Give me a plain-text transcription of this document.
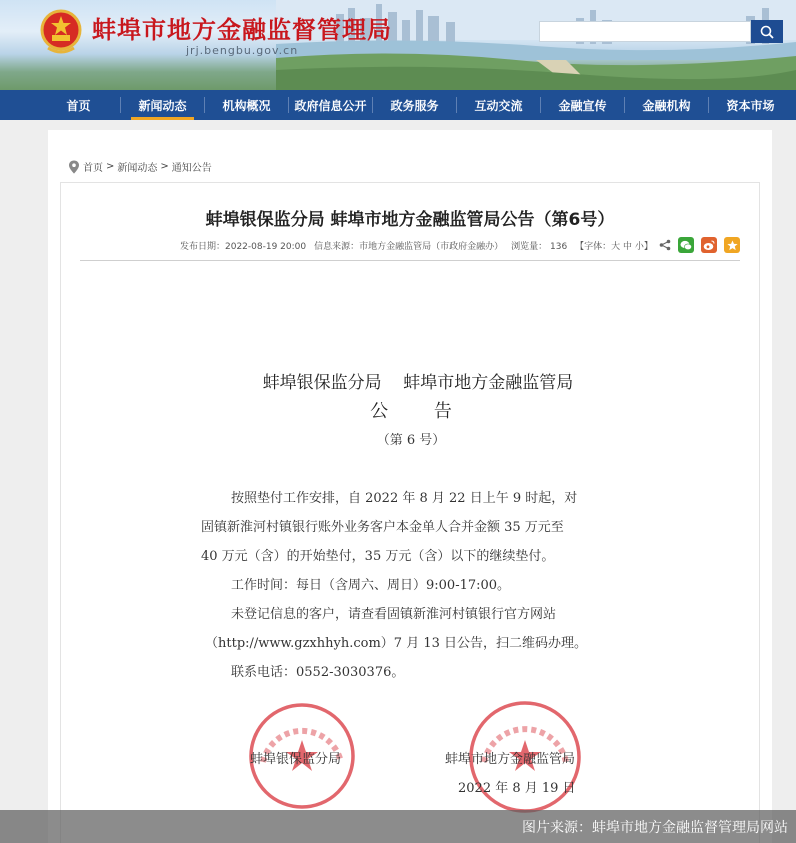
蚌埠市地方金融监督管理局
jrj.bengbu.gov.cn
首页	新闻动态	机构概况	政府信息公开	政务服务	互动交流	金融宣传	金融机构	资本市场
首页 > 新闻动态 > 通知公告
蚌埠银保监分局 蚌埠市地方金融监管局公告（第6号）
发布日期：2022-08-19 20:00 信息来源：市地方金融监管局（市政府金融办） 浏览量： 136 【字体：大 中 小】
蚌埠银保监分局    蚌埠市地方金融监管局
公        告
（第 6 号）
按照垫付工作安排，自 2022 年 8 月 22 日上午 9 时起，对
固镇新淮河村镇银行账外业务客户本金单人合并金额 35 万元至
40 万元（含）的开始垫付，35 万元（含）以下的继续垫付。
工作时间：每日（含周六、周日）9:00-17:00。
未登记信息的客户，请查看固镇新淮河村镇银行官方网站
（http://www.gzxhhyh.com）7 月 13 日公告，扫二维码办理。
联系电话：0552-3030376。
蚌埠银保监分局	蚌埠市地方金融监管局
2022 年 8 月 19 日
图片来源：蚌埠市地方金融监督管理局网站
